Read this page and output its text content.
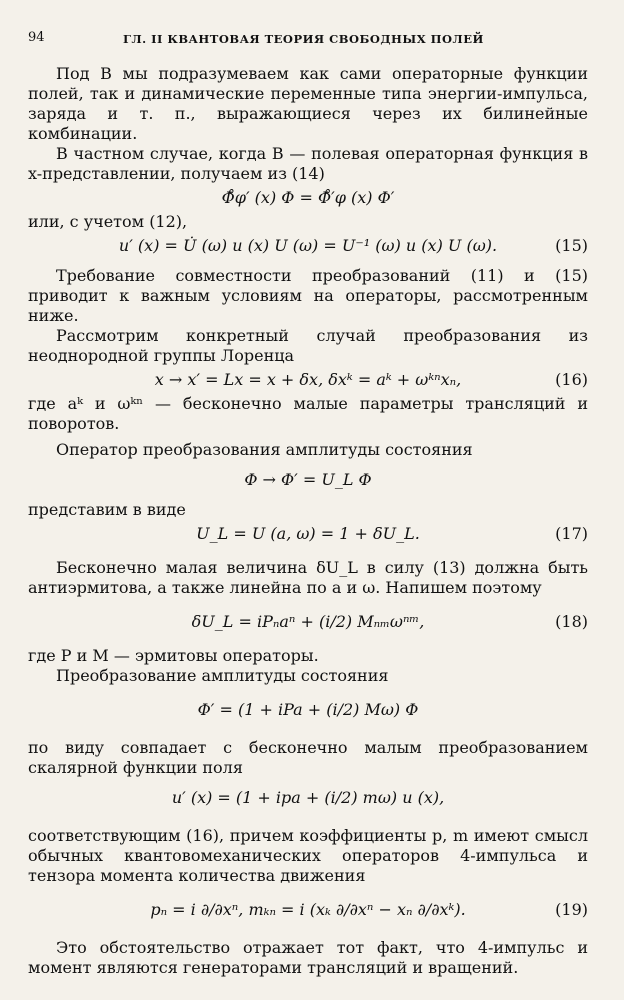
94	ГЛ. II КВАНТОВАЯ ТЕОРИЯ СВОБОДНЫХ ПОЛЕЙ

Под B мы подразумеваем как сами операторные функции полей, так и динамические переменные типа энергии-импульса, заряда и т. п., выражающиеся через их билинейные комбинации.

В частном случае, когда B — полевая операторная функция в x-представлении, получаем из (14)

Φ̊φ′ (x) Φ = Φ̊′φ (x) Φ′

или, с учетом (12),

u′ (x) = U̇ (ω) u (x) U (ω) = U⁻¹ (ω) u (x) U (ω).	(15)

Требование совместности преобразований (11) и (15) приводит к важным условиям на операторы, рассмотренным ниже.

Рассмотрим конкретный случай преобразования из неоднородной группы Лоренца

x → x′ = Lx = x + δx, δxᵏ = aᵏ + ωᵏⁿxₙ,	(16)

где aᵏ и ωᵏⁿ — бесконечно малые параметры трансляций и поворотов.

Оператор преобразования амплитуды состояния

Φ → Φ′ = U_L Φ

представим в виде

U_L = U (a, ω) = 1 + δU_L.	(17)

Бесконечно малая величина δU_L в силу (13) должна быть антиэрмитова, а также линейна по a и ω. Напишем поэтому

δU_L = iPₙaⁿ + (i/2) Mₙₘωⁿᵐ,	(18)

где P и M — эрмитовы операторы.

Преобразование амплитуды состояния

Φ′ = (1 + iPa + (i/2) Mω) Φ

по виду совпадает с бесконечно малым преобразованием скалярной функции поля

u′ (x) = (1 + ipa + (i/2) mω) u (x),

соответствующим (16), причем коэффициенты p, m имеют смысл обычных квантовомеханических операторов 4-импульса и тензора момента количества движения

pₙ = i ∂/∂xⁿ, mₖₙ = i (xₖ ∂/∂xⁿ − xₙ ∂/∂xᵏ).	(19)

Это обстоятельство отражает тот факт, что 4-импульс и момент являются генераторами трансляций и вращений.
